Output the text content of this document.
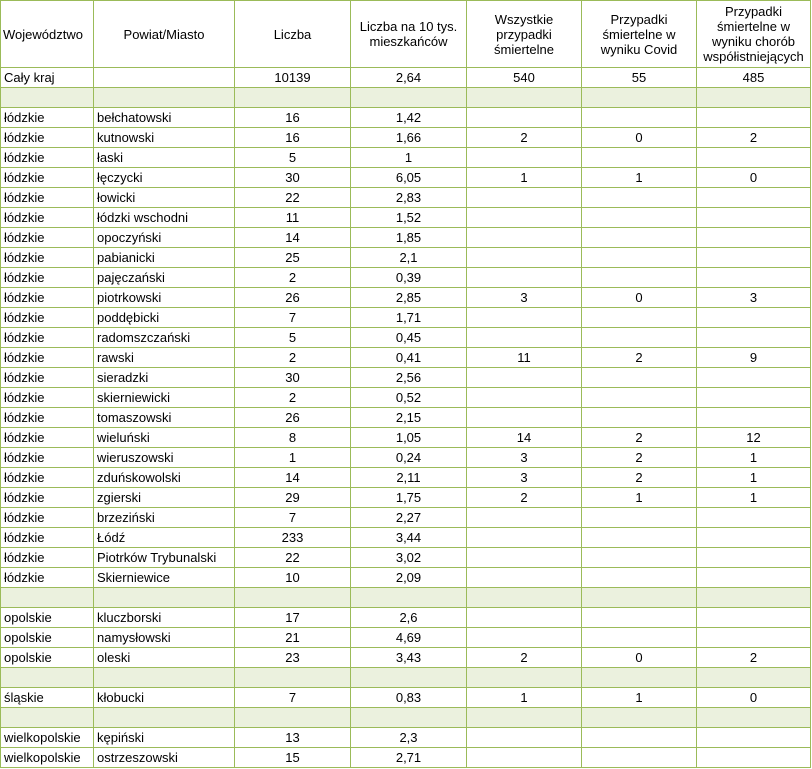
Województwo	Powiat/Miasto	Liczba	Liczba na 10 tys. mieszkańców	Wszystkie przypadki śmiertelne	Przypadki śmiertelne w wyniku Covid	Przypadki śmiertelne w wyniku chorób współistniejących
Cały kraj		10139	2,64	540	55	485

łódzkie	bełchatowski	16	1,42			
łódzkie	kutnowski	16	1,66	2	0	2
łódzkie	łaski	5	1			
łódzkie	łęczycki	30	6,05	1	1	0
łódzkie	łowicki	22	2,83			
łódzkie	łódzki wschodni	11	1,52			
łódzkie	opoczyński	14	1,85			
łódzkie	pabianicki	25	2,1			
łódzkie	pajęczański	2	0,39			
łódzkie	piotrkowski	26	2,85	3	0	3
łódzkie	poddębicki	7	1,71			
łódzkie	radomszczański	5	0,45			
łódzkie	rawski	2	0,41	11	2	9
łódzkie	sieradzki	30	2,56			
łódzkie	skierniewicki	2	0,52			
łódzkie	tomaszowski	26	2,15			
łódzkie	wieluński	8	1,05	14	2	12
łódzkie	wieruszowski	1	0,24	3	2	1
łódzkie	zduńskowolski	14	2,11	3	2	1
łódzkie	zgierski	29	1,75	2	1	1
łódzkie	brzeziński	7	2,27			
łódzkie	Łódź	233	3,44			
łódzkie	Piotrków Trybunalski	22	3,02			
łódzkie	Skierniewice	10	2,09			

opolskie	kluczborski	17	2,6			
opolskie	namysłowski	21	4,69			
opolskie	oleski	23	3,43	2	0	2

śląskie	kłobucki	7	0,83	1	1	0

wielkopolskie	kępiński	13	2,3			
wielkopolskie	ostrzeszowski	15	2,71			
